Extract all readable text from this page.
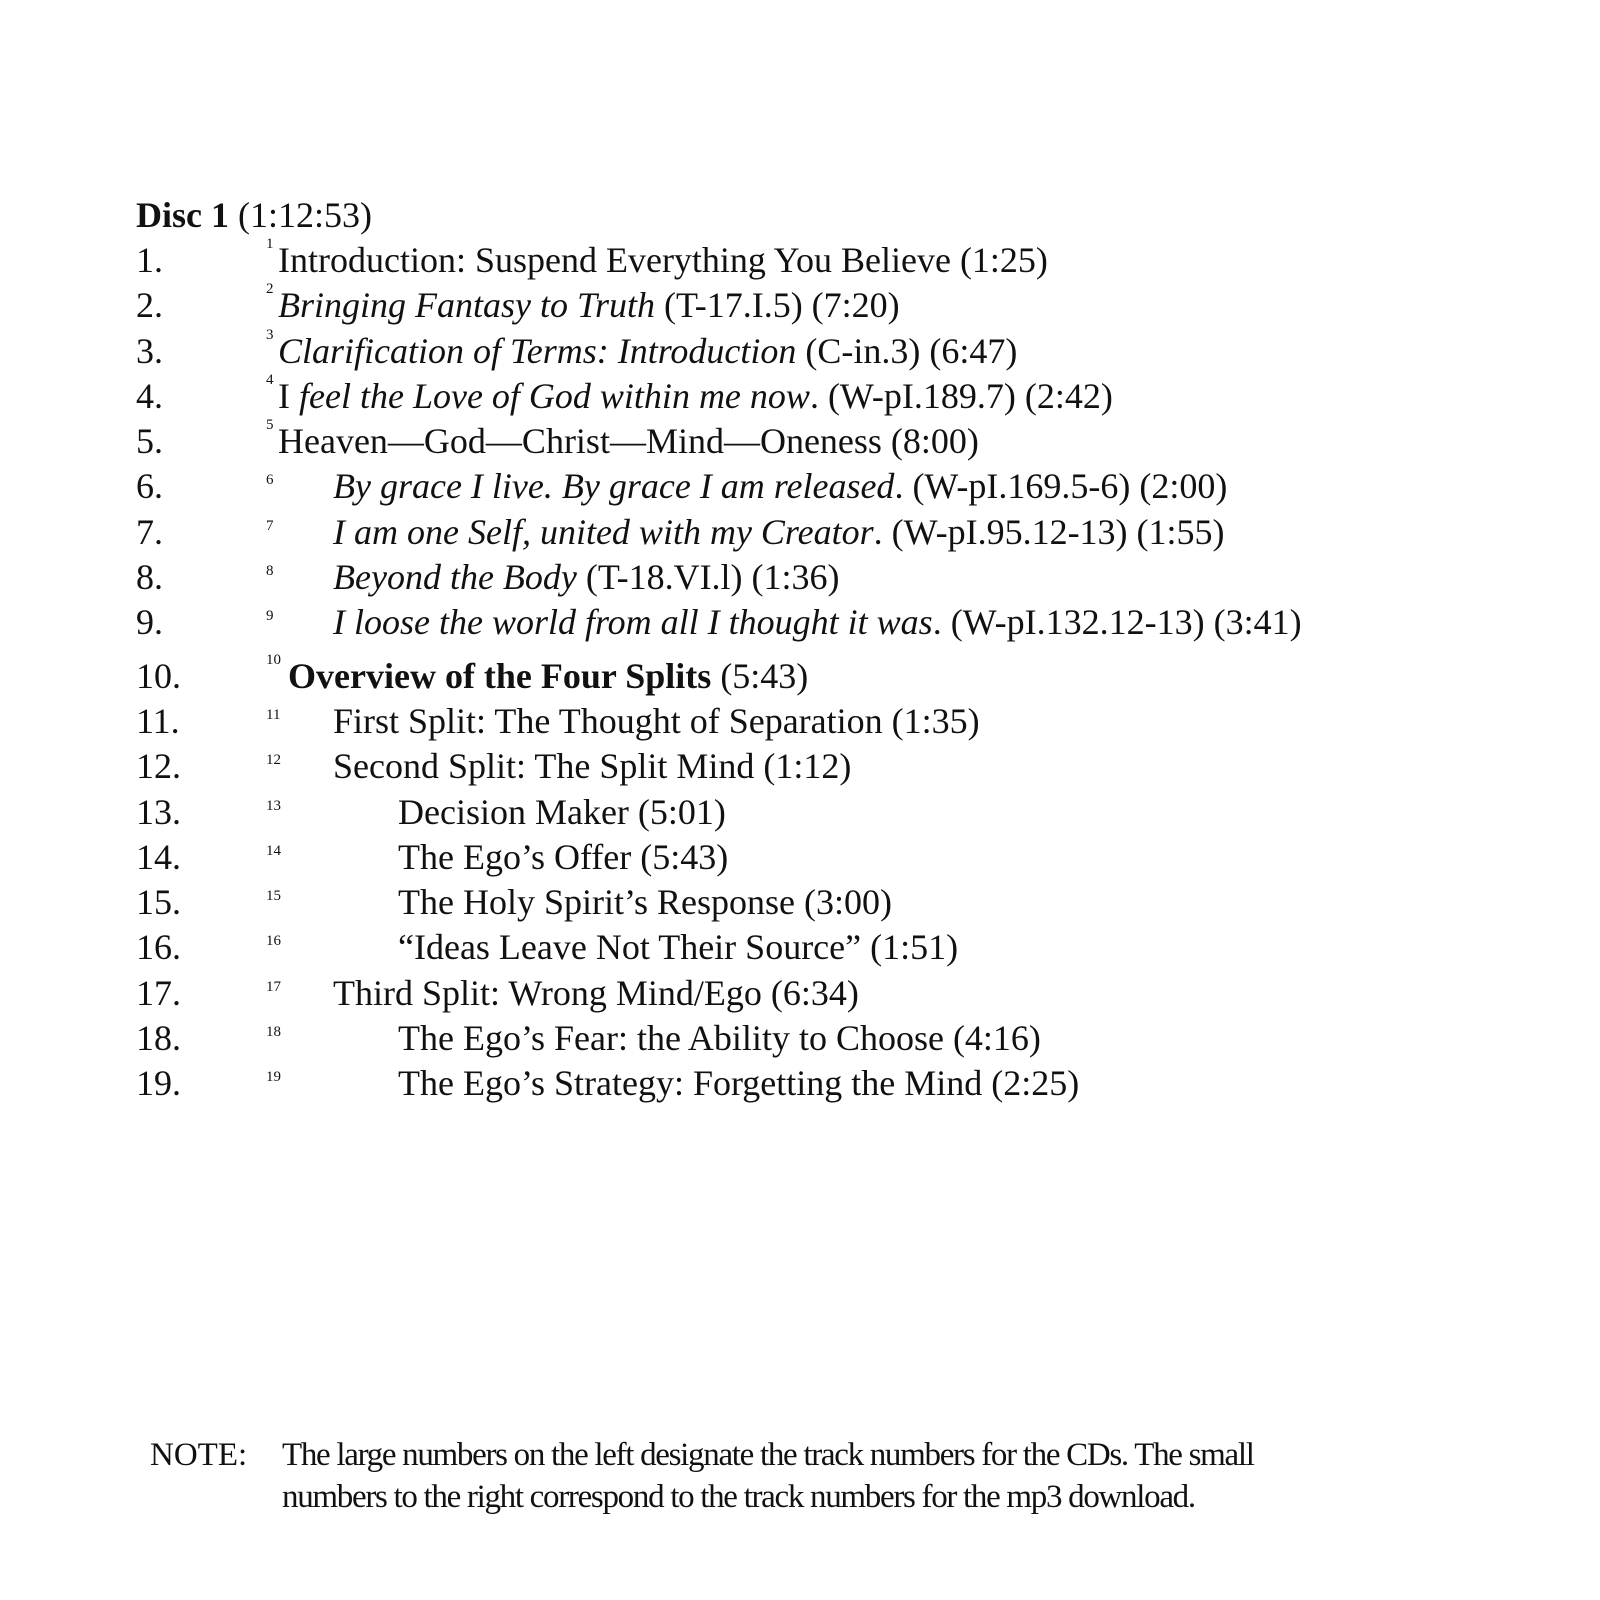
Disc 1 (1:12:53)
1.	1 Introduction: Suspend Everything You Believe (1:25)
2.	2 Bringing Fantasy to Truth (T-17.I.5) (7:20)
3.	3 Clarification of Terms: Introduction (C-in.3) (6:47)
4.	4 I feel the Love of God within me now. (W-pI.189.7) (2:42)
5.	5 Heaven—God—Christ—Mind—Oneness (8:00)
6.	6 By grace I live. By grace I am released. (W-pI.169.5-6) (2:00)
7.	7 I am one Self, united with my Creator. (W-pI.95.12-13) (1:55)
8.	8 Beyond the Body (T-18.VI.l) (1:36)
9.	9 I loose the world from all I thought it was. (W-pI.132.12-13) (3:41)
10.	10 Overview of the Four Splits (5:43)
11.	11 First Split: The Thought of Separation (1:35)
12.	12 Second Split: The Split Mind (1:12)
13.	13	Decision Maker (5:01)
14.	14	The Ego’s Offer (5:43)
15.	15	The Holy Spirit’s Response (3:00)
16.	16	“Ideas Leave Not Their Source” (1:51)
17.	17 Third Split: Wrong Mind/Ego (6:34)
18.	18	The Ego’s Fear: the Ability to Choose (4:16)
19.	19	The Ego’s Strategy: Forgetting the Mind (2:25)
NOTE: The large numbers on the left designate the track numbers for the CDs. The small
numbers to the right correspond to the track numbers for the mp3 download.
